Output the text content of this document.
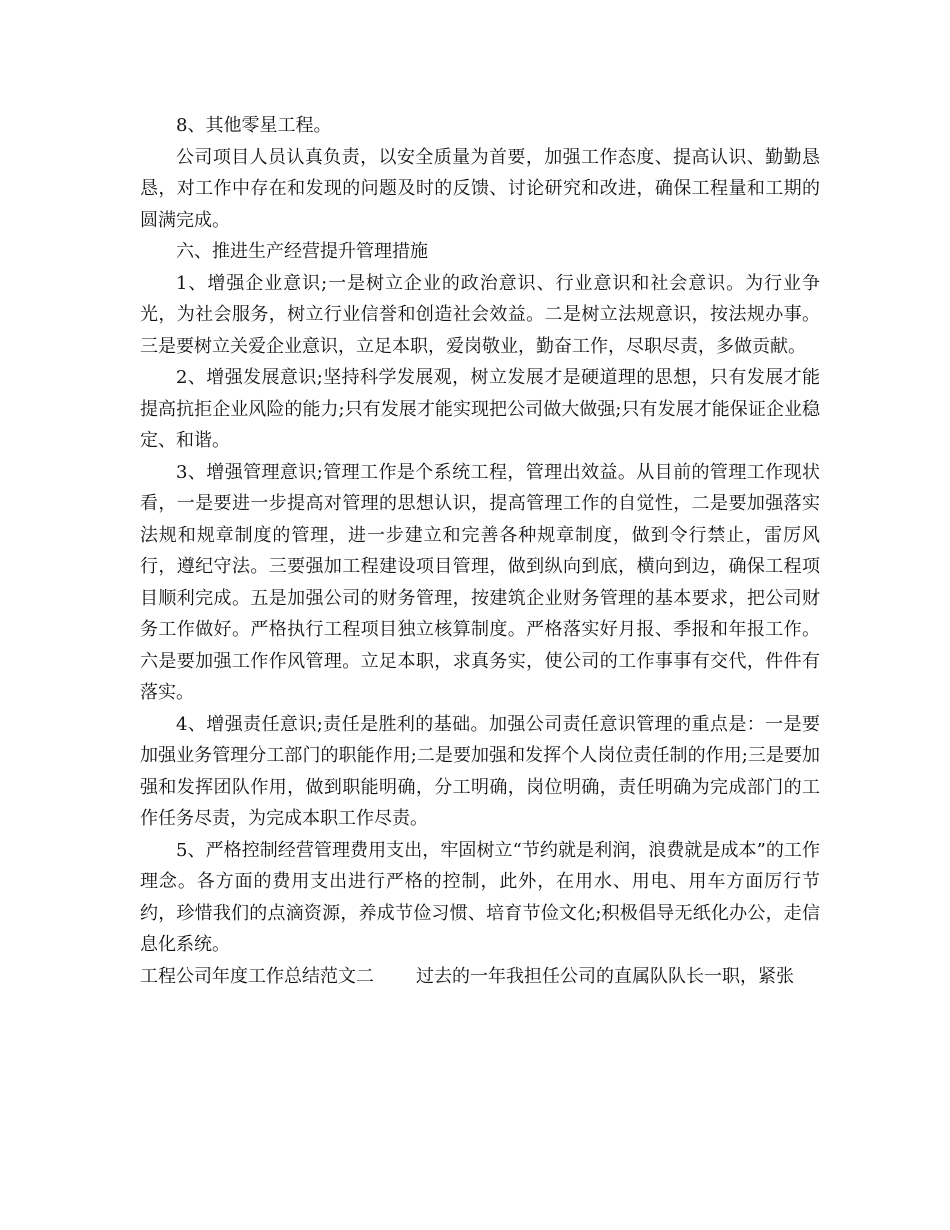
8、其他零星工程。

公司项目人员认真负责，以安全质量为首要，加强工作态度、提高认识、勤勤恳恳，对工作中存在和发现的问题及时的反馈、讨论研究和改进，确保工程量和工期的圆满完成。

六、推进生产经营提升管理措施

1、增强企业意识;一是树立企业的政治意识、行业意识和社会意识。为行业争光，为社会服务，树立行业信誉和创造社会效益。二是树立法规意识，按法规办事。三是要树立关爱企业意识，立足本职，爱岗敬业，勤奋工作，尽职尽责，多做贡献。

2、增强发展意识;坚持科学发展观，树立发展才是硬道理的思想，只有发展才能提高抗拒企业风险的能力;只有发展才能实现把公司做大做强;只有发展才能保证企业稳定、和谐。

3、增强管理意识;管理工作是个系统工程，管理出效益。从目前的管理工作现状看，一是要进一步提高对管理的思想认识，提高管理工作的自觉性，二是要加强落实法规和规章制度的管理，进一步建立和完善各种规章制度，做到令行禁止，雷厉风行，遵纪守法。三要强加工程建设项目管理，做到纵向到底，横向到边，确保工程项目顺利完成。五是加强公司的财务管理，按建筑企业财务管理的基本要求，把公司财务工作做好。严格执行工程项目独立核算制度。严格落实好月报、季报和年报工作。六是要加强工作作风管理。立足本职，求真务实，使公司的工作事事有交代，件件有落实。

4、增强责任意识;责任是胜利的基础。加强公司责任意识管理的重点是：一是要加强业务管理分工部门的职能作用;二是要加强和发挥个人岗位责任制的作用;三是要加强和发挥团队作用，做到职能明确，分工明确，岗位明确，责任明确为完成部门的工作任务尽责，为完成本职工作尽责。

5、严格控制经营管理费用支出，牢固树立“节约就是利润，浪费就是成本”的工作理念。各方面的费用支出进行严格的控制，此外，在用水、用电、用车方面厉行节约，珍惜我们的点滴资源，养成节俭习惯、培育节俭文化;积极倡导无纸化办公，走信息化系统。

工程公司年度工作总结范文二 过去的一年我担任公司的直属队队长一职，紧张
